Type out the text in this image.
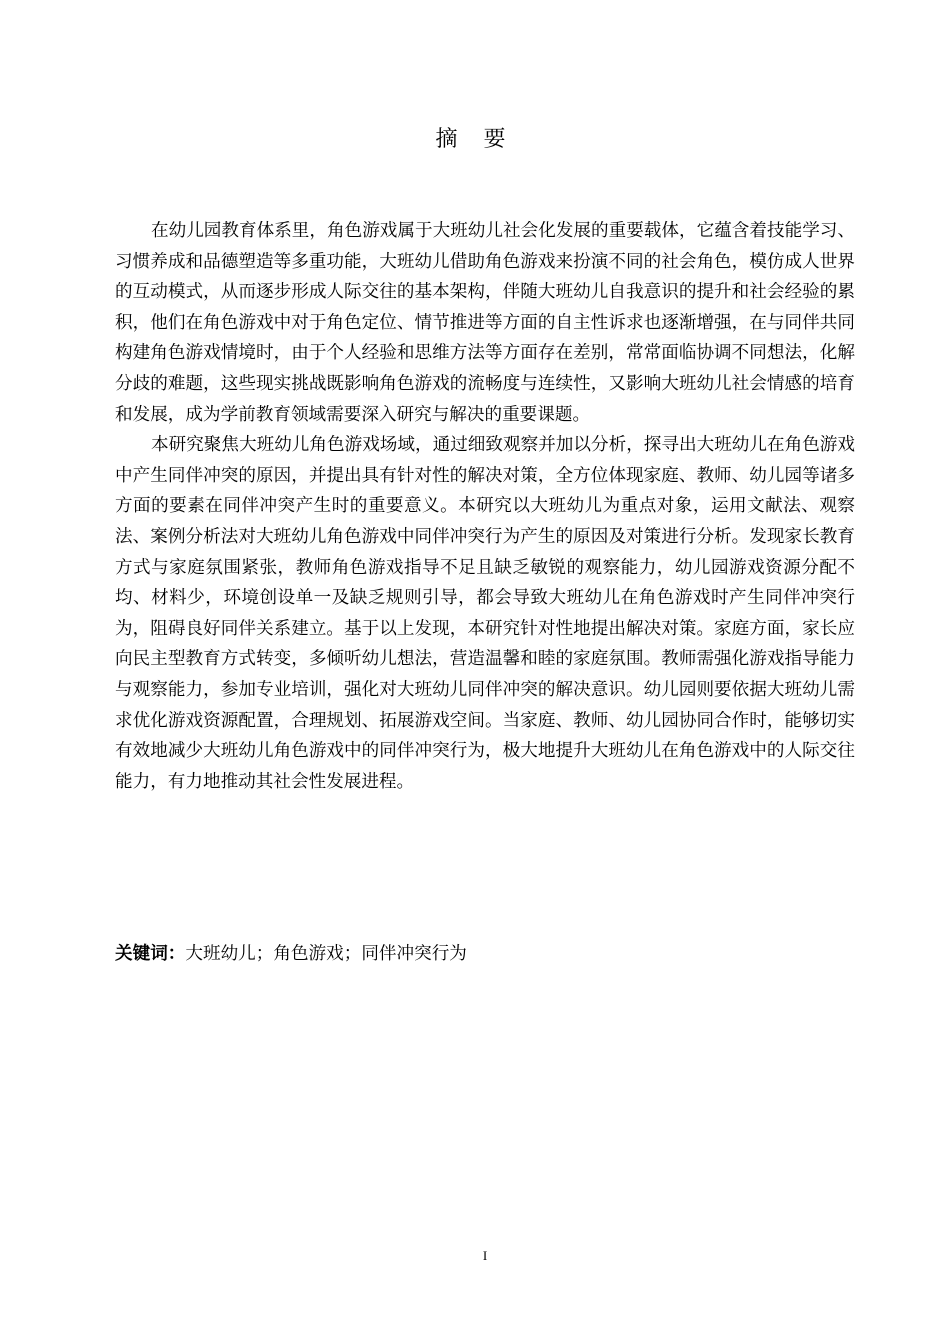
摘要

在幼儿园教育体系里，角色游戏属于大班幼儿社会化发展的重要载体，它蕴含着技能学习、习惯养成和品德塑造等多重功能，大班幼儿借助角色游戏来扮演不同的社会角色，模仿成人世界的互动模式，从而逐步形成人际交往的基本架构，伴随大班幼儿自我意识的提升和社会经验的累积，他们在角色游戏中对于角色定位、情节推进等方面的自主性诉求也逐渐增强，在与同伴共同构建角色游戏情境时，由于个人经验和思维方法等方面存在差别，常常面临协调不同想法，化解分歧的难题，这些现实挑战既影响角色游戏的流畅度与连续性，又影响大班幼儿社会情感的培育和发展，成为学前教育领域需要深入研究与解决的重要课题。

本研究聚焦大班幼儿角色游戏场域，通过细致观察并加以分析，探寻出大班幼儿在角色游戏中产生同伴冲突的原因，并提出具有针对性的解决对策，全方位体现家庭、教师、幼儿园等诸多方面的要素在同伴冲突产生时的重要意义。本研究以大班幼儿为重点对象，运用文献法、观察法、案例分析法对大班幼儿角色游戏中同伴冲突行为产生的原因及对策进行分析。发现家长教育方式与家庭氛围紧张，教师角色游戏指导不足且缺乏敏锐的观察能力，幼儿园游戏资源分配不均、材料少，环境创设单一及缺乏规则引导，都会导致大班幼儿在角色游戏时产生同伴冲突行为，阻碍良好同伴关系建立。基于以上发现，本研究针对性地提出解决对策。家庭方面，家长应向民主型教育方式转变，多倾听幼儿想法，营造温馨和睦的家庭氛围。教师需强化游戏指导能力与观察能力，参加专业培训，强化对大班幼儿同伴冲突的解决意识。幼儿园则要依据大班幼儿需求优化游戏资源配置，合理规划、拓展游戏空间。当家庭、教师、幼儿园协同合作时，能够切实有效地减少大班幼儿角色游戏中的同伴冲突行为，极大地提升大班幼儿在角色游戏中的人际交往能力，有力地推动其社会性发展进程。

关键词：大班幼儿；角色游戏；同伴冲突行为

I
